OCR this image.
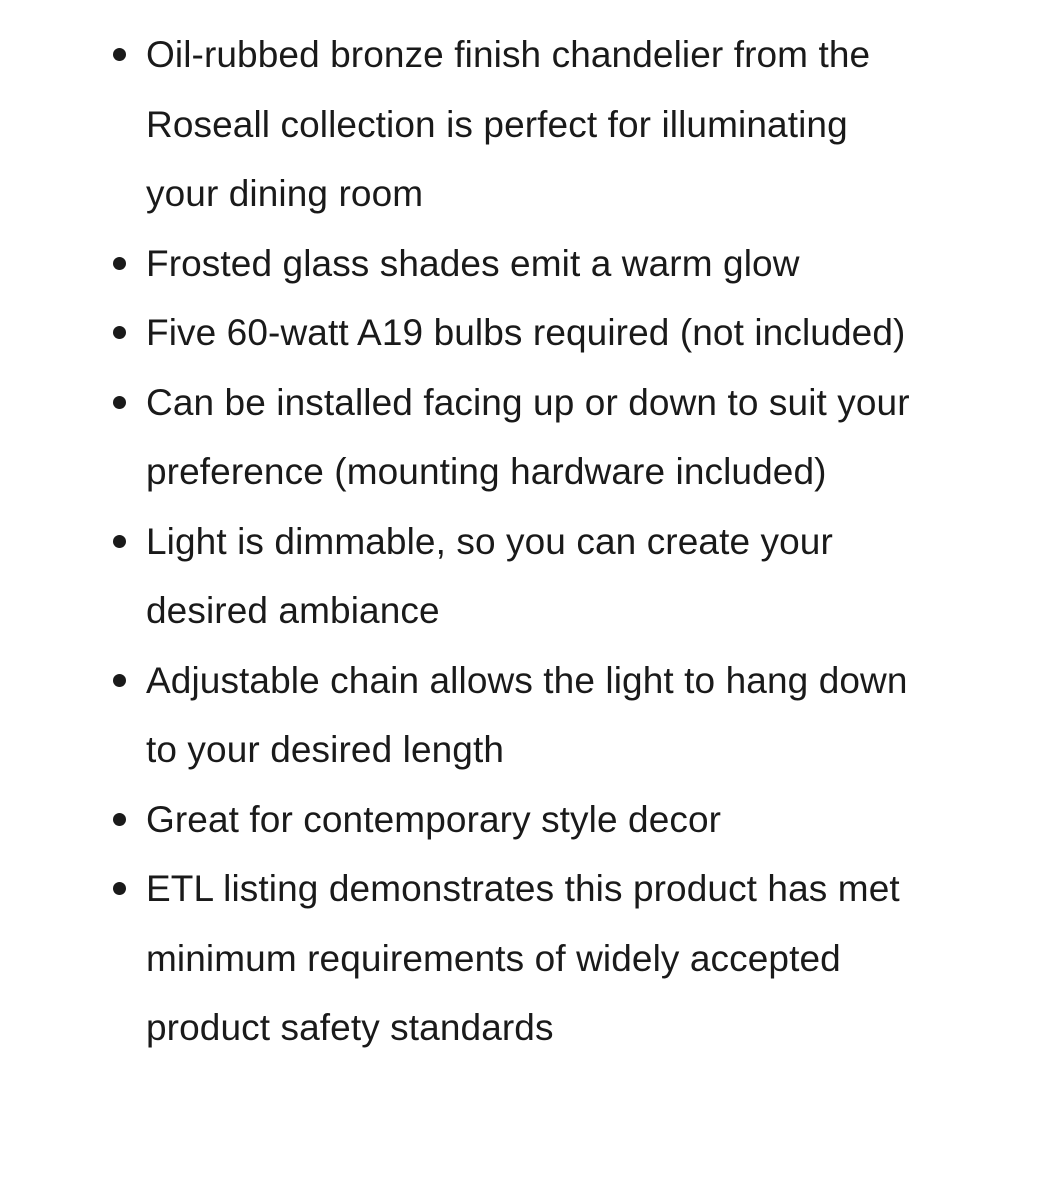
Oil-rubbed bronze finish chandelier from the Roseall collection is perfect for illuminating your dining room
Frosted glass shades emit a warm glow
Five 60-watt A19 bulbs required (not included)
Can be installed facing up or down to suit your preference (mounting hardware included)
Light is dimmable, so you can create your desired ambiance
Adjustable chain allows the light to hang down to your desired length
Great for contemporary style decor
ETL listing demonstrates this product has met minimum requirements of widely accepted product safety standards
